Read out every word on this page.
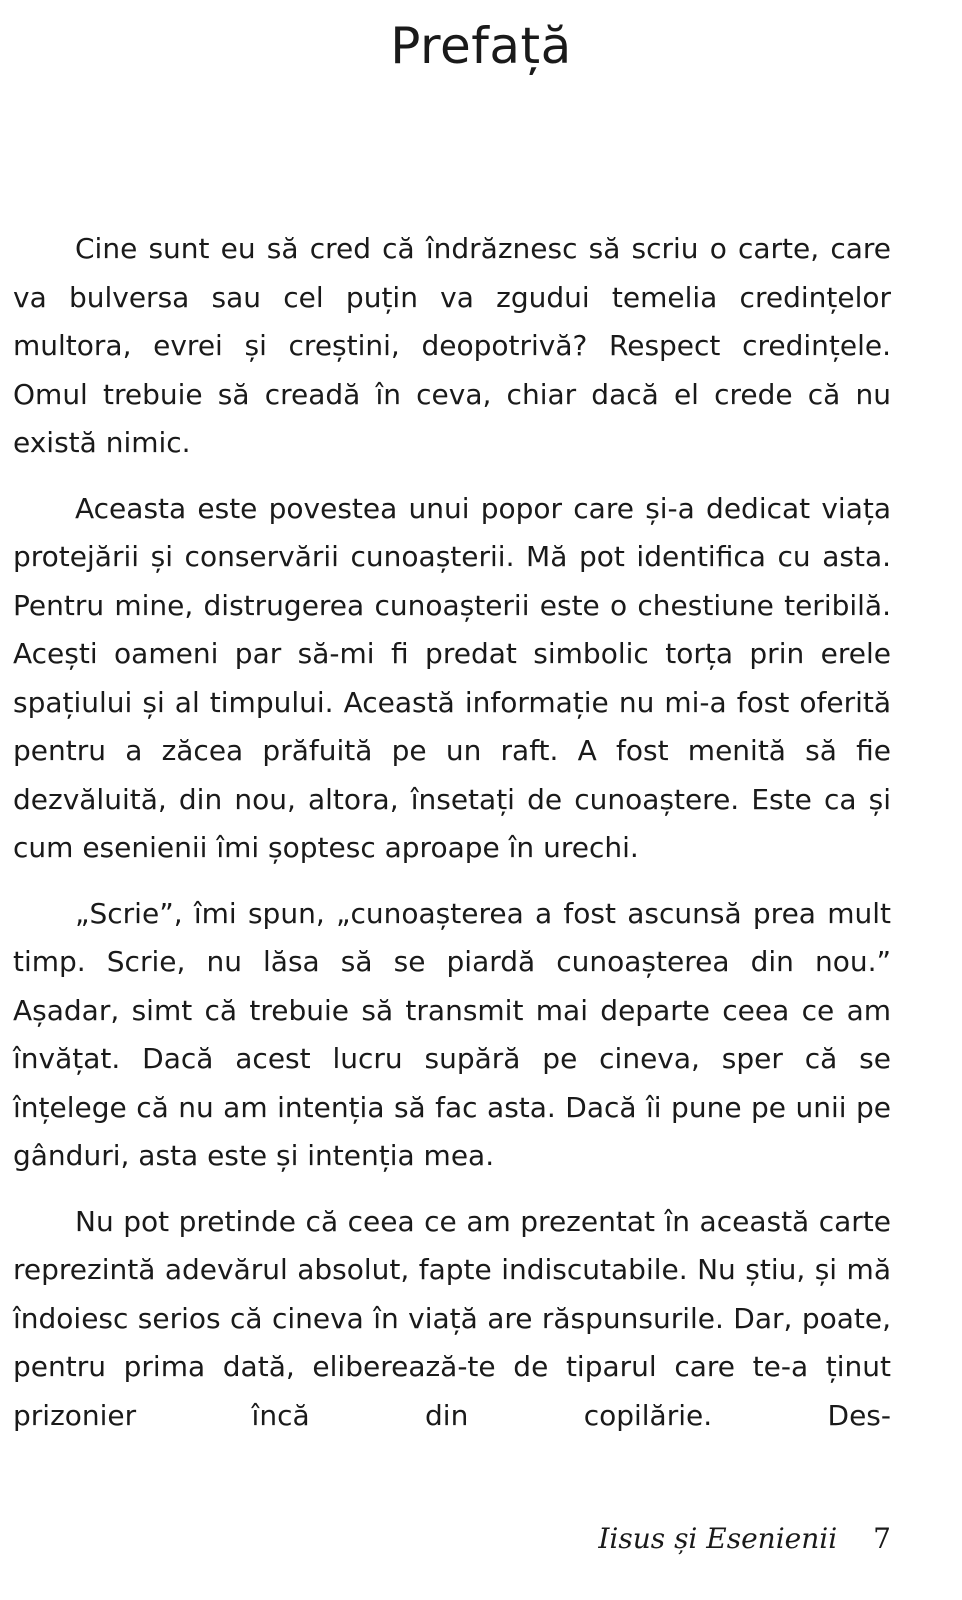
Prefață

Cine sunt eu să cred că îndrăznesc să scriu o carte, care va bulversa sau cel puțin va zgudui temelia credințelor multora, evrei și creștini, deopotrivă? Respect credințele. Omul trebuie să creadă în ceva, chiar dacă el crede că nu există nimic.

Aceasta este povestea unui popor care și-a dedicat viața protejării și conservării cunoașterii. Mă pot identifica cu asta. Pentru mine, distrugerea cunoașterii este o chestiune teribilă. Acești oameni par să-mi fi predat simbolic torța prin erele spațiului și al timpului. Această informație nu mi-a fost oferită pentru a zăcea prăfuită pe un raft. A fost menită să fie dezvăluită, din nou, altora, însetați de cunoaștere. Este ca și cum esenienii îmi șoptesc aproape în urechi.

„Scrie”, îmi spun, „cunoașterea a fost ascunsă prea mult timp. Scrie, nu lăsa să se piardă cunoașterea din nou.” Așadar, simt că trebuie să transmit mai departe ceea ce am învățat. Dacă acest lucru supără pe cineva, sper că se înțelege că nu am intenția să fac asta. Dacă îi pune pe unii pe gânduri, asta este și intenția mea.

Nu pot pretinde că ceea ce am prezentat în această carte reprezintă adevărul absolut, fapte indiscutabile. Nu știu, și mă îndoiesc serios că cineva în viață are răspunsurile. Dar, poate, pentru prima dată, eliberează-te de tiparul care te-a ținut prizonier încă din copilărie. Des-

Iisus și Esenienii 7
